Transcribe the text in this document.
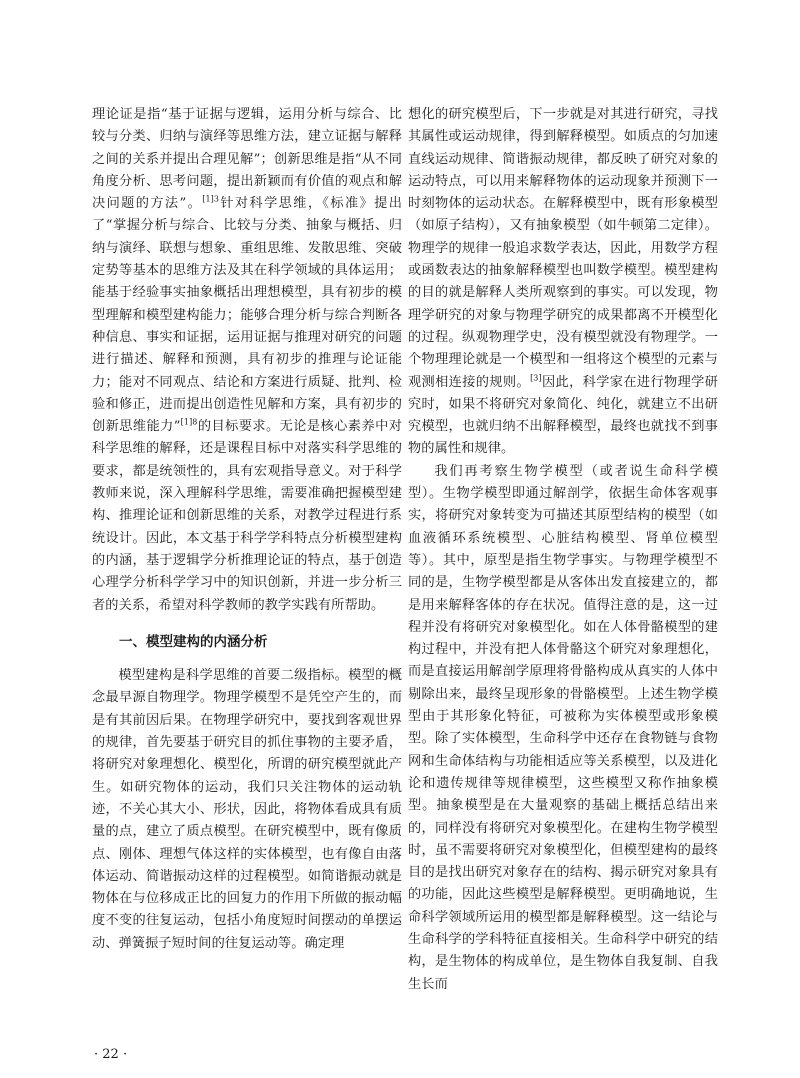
理论证是指“基于证据与逻辑，运用分析与综合、比较与分类、归纳与演绎等思维方法，建立证据与解释之间的关系并提出合理见解”；创新思维是指“从不同角度分析、思考问题，提出新颖而有价值的观点和解决问题的方法”。$^{[1]3}$针对科学思维，《标准》提出了“掌握分析与综合、比较与分类、抽象与概括、归纳与演绎、联想与想象、重组思维、发散思维、突破定势等基本的思维方法及其在科学领域的具体运用；能基于经验事实抽象概括出理想模型，具有初步的模型理解和模型建构能力；能够合理分析与综合判断各种信息、事实和证据，运用证据与推理对研究的问题进行描述、解释和预测，具有初步的推理与论证能力；能对不同观点、结论和方案进行质疑、批判、检验和修正，进而提出创造性见解和方案，具有初步的创新思维能力”$^{[1]8}$的目标要求。无论是核心素养中对科学思维的解释，还是课程目标中对落实科学思维的要求，都是统领性的，具有宏观指导意义。对于科学教师来说，深入理解科学思维，需要准确把握模型建构、推理论证和创新思维的关系，对教学过程进行系统设计。因此，本文基于科学学科特点分析模型建构的内涵，基于逻辑学分析推理论证的特点，基于创造心理学分析科学学习中的知识创新，并进一步分析三者的关系，希望对科学教师的教学实践有所帮助。

一、模型建构的内涵分析

模型建构是科学思维的首要二级指标。模型的概念最早源自物理学。物理学模型不是凭空产生的，而是有其前因后果。在物理学研究中，要找到客观世界的规律，首先要基于研究目的抓住事物的主要矛盾，将研究对象理想化、模型化，所谓的研究模型就此产生。如研究物体的运动，我们只关注物体的运动轨迹，不关心其大小、形状，因此，将物体看成具有质量的点，建立了质点模型。在研究模型中，既有像质点、刚体、理想气体这样的实体模型，也有像自由落体运动、简谐振动这样的过程模型。如简谐振动就是物体在与位移成正比的回复力的作用下所做的振动幅度不变的往复运动，包括小角度短时间摆动的单摆运动、弹簧振子短时间的往复运动等。确定理

想化的研究模型后，下一步就是对其进行研究，寻找其属性或运动规律，得到解释模型。如质点的匀加速直线运动规律、简谐振动规律，都反映了研究对象的运动特点，可以用来解释物体的运动现象并预测下一时刻物体的运动状态。在解释模型中，既有形象模型（如原子结构），又有抽象模型（如牛顿第二定律）。物理学的规律一般追求数学表达，因此，用数学方程或函数表达的抽象解释模型也叫数学模型。模型建构的目的就是解释人类所观察到的事实。可以发现，物理学研究的对象与物理学研究的成果都离不开模型化的过程。纵观物理学史，没有模型就没有物理学。一个物理理论就是一个模型和一组将这个模型的元素与观测相连接的规则。[3]因此，科学家在进行物理学研究时，如果不将研究对象简化、纯化，就建立不出研究模型，也就归纳不出解释模型，最终也就找不到事物的属性和规律。

我们再考察生物学模型（或者说生命科学模型）。生物学模型即通过解剖学，依据生命体客观事实，将研究对象转变为可描述其原型结构的模型（如血液循环系统模型、心脏结构模型、肾单位模型等）。其中，原型是指生物学事实。与物理学模型不同的是，生物学模型都是从客体出发直接建立的，都是用来解释客体的存在状况。值得注意的是，这一过程并没有将研究对象模型化。如在人体骨骼模型的建构过程中，并没有把人体骨骼这个研究对象理想化，而是直接运用解剖学原理将骨骼构成从真实的人体中剔除出来，最终呈现形象的骨骼模型。上述生物学模型由于其形象化特征，可被称为实体模型或形象模型。除了实体模型，生命科学中还存在食物链与食物网和生命体结构与功能相适应等关系模型，以及进化论和遗传规律等规律模型，这些模型又称作抽象模型。抽象模型是在大量观察的基础上概括总结出来的，同样没有将研究对象模型化。在建构生物学模型时，虽不需要将研究对象模型化，但模型建构的最终目的是找出研究对象存在的结构、揭示研究对象具有的功能，因此这些模型是解释模型。更明确地说，生命科学领域所运用的模型都是解释模型。这一结论与生命科学的学科特征直接相关。生命科学中研究的结构，是生物体的构成单位，是生物体自我复制、自我生长而

· 22 ·
